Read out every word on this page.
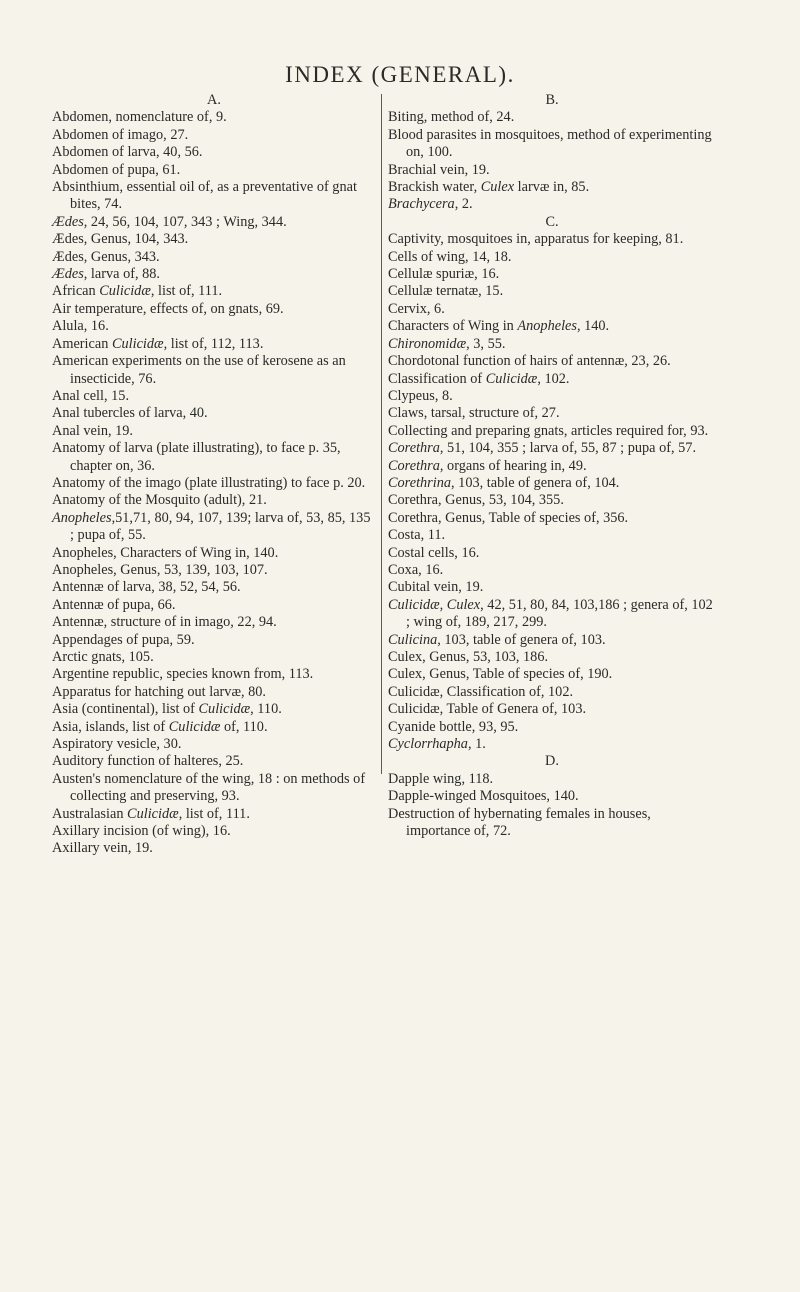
INDEX (GENERAL).

A.

Abdomen, nomenclature of, 9.

Abdomen of imago, 27.

Abdomen of larva, 40, 56.

Abdomen of pupa, 61.

Absinthium, essential oil of, as a preventative of gnat bites, 74.

Ædes, 24, 56, 104, 107, 343 ; Wing, 344.

Ædes, Genus, 104, 343.

Ædes, Genus, 343.

Ædes, larva of, 88.

African Culicidæ, list of, 111.

Air temperature, effects of, on gnats, 69.

Alula, 16.

American Culicidæ, list of, 112, 113.

American experiments on the use of kerosene as an insecticide, 76.

Anal cell, 15.

Anal tubercles of larva, 40.

Anal vein, 19.

Anatomy of larva (plate illustrating), to face p. 35, chapter on, 36.

Anatomy of the imago (plate illustrating) to face p. 20.

Anatomy of the Mosquito (adult), 21.

Anopheles,51,71, 80, 94, 107, 139; larva of, 53, 85, 135 ; pupa of, 55.

Anopheles, Characters of Wing in, 140.

Anopheles, Genus, 53, 139, 103, 107.

Antennæ of larva, 38, 52, 54, 56.

Antennæ of pupa, 66.

Antennæ, structure of in imago, 22, 94.

Appendages of pupa, 59.

Arctic gnats, 105.

Argentine republic, species known from, 113.

Apparatus for hatching out larvæ, 80.

Asia (continental), list of Culicidæ, 110.

Asia, islands, list of Culicidæ of, 110.

Aspiratory vesicle, 30.

Auditory function of halteres, 25.

Austen's nomenclature of the wing, 18 : on methods of collecting and preserving, 93.

Australasian Culicidæ, list of, 111.

Axillary incision (of wing), 16.

Axillary vein, 19.

B.

Biting, method of, 24.

Blood parasites in mosquitoes, method of experimenting on, 100.

Brachial vein, 19.

Brackish water, Culex larvæ in, 85.

Brachycera, 2.

C.

Captivity, mosquitoes in, apparatus for keeping, 81.

Cells of wing, 14, 18.

Cellulæ spuriæ, 16.

Cellulæ ternatæ, 15.

Cervix, 6.

Characters of Wing in Anopheles, 140.

Chironomidæ, 3, 55.

Chordotonal function of hairs of antennæ, 23, 26.

Classification of Culicidæ, 102.

Clypeus, 8.

Claws, tarsal, structure of, 27.

Collecting and preparing gnats, articles required for, 93.

Corethra, 51, 104, 355 ; larva of, 55, 87 ; pupa of, 57.

Corethra, organs of hearing in, 49.

Corethrina, 103, table of genera of, 104.

Corethra, Genus, 53, 104, 355.

Corethra, Genus, Table of species of, 356.

Costa, 11.

Costal cells, 16.

Coxa, 16.

Cubital vein, 19.

Culicidæ, Culex, 42, 51, 80, 84, 103,186 ; genera of, 102 ; wing of, 189, 217, 299.

Culicina, 103, table of genera of, 103.

Culex, Genus, 53, 103, 186.

Culex, Genus, Table of species of, 190.

Culicidæ, Classification of, 102.

Culicidæ, Table of Genera of, 103.

Cyanide bottle, 93, 95.

Cyclorrhapha, 1.

D.

Dapple wing, 118.

Dapple-winged Mosquitoes, 140.

Destruction of hybernating females in houses, importance of, 72.
